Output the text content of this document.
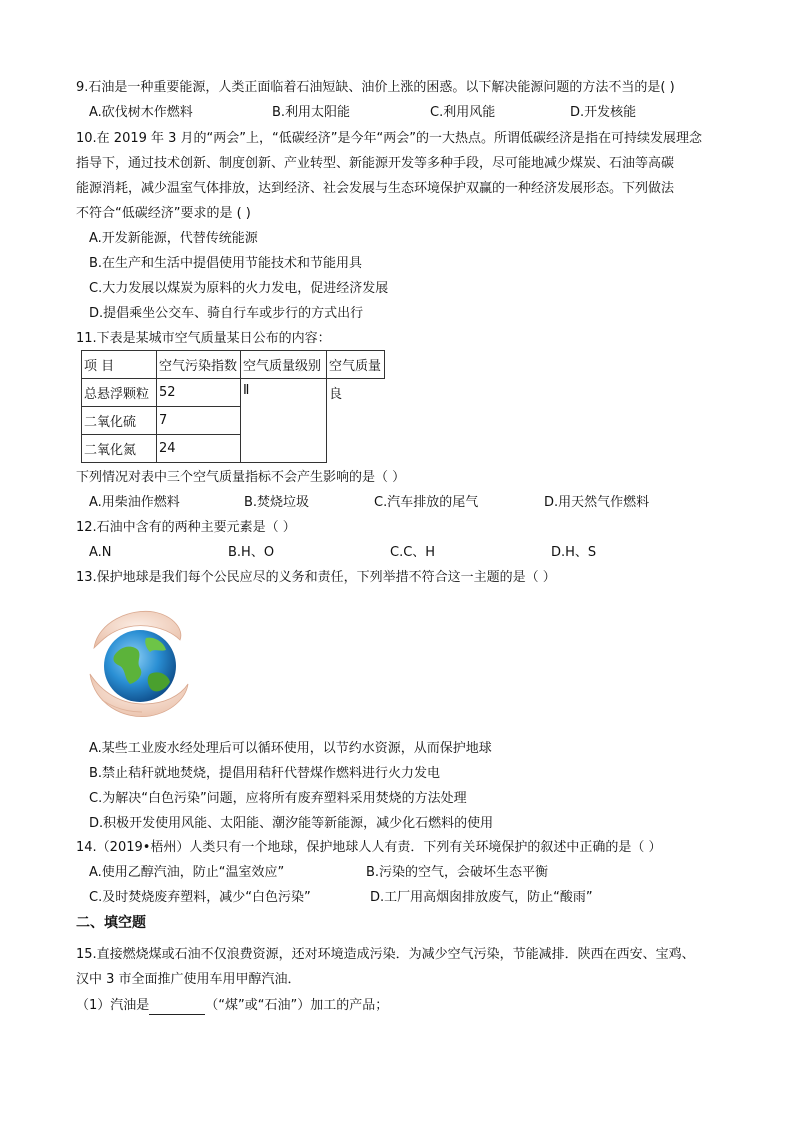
9.石油是一种重要能源，人类正面临着石油短缺、油价上涨的困惑。以下解决能源问题的方法不当的是( )
A.砍伐树木作燃料	B.利用太阳能	C.利用风能	D.开发核能
10.在 2019 年 3 月的“两会”上，“低碳经济”是今年“两会”的一大热点。所谓低碳经济是指在可持续发展理念
指导下，通过技术创新、制度创新、产业转型、新能源开发等多种手段，尽可能地减少煤炭、石油等高碳
能源消耗，减少温室气体排放，达到经济、社会发展与生态环境保护双赢的一种经济发展形态。下列做法
不符合“低碳经济”要求的是 ( )
A.开发新能源，代替传统能源
B.在生产和生活中提倡使用节能技术和节能用具
C.大力发展以煤炭为原料的火力发电，促进经济发展
D.提倡乘坐公交车、骑自行车或步行的方式出行
11.下表是某城市空气质量某日公布的内容：
项 目	空气污染指数	空气质量级别	空气质量
总悬浮颗粒	52	Ⅱ	良
二氧化硫	7		
二氧化氮	24		
下列情况对表中三个空气质量指标不会产生影响的是（ ）
A.用柴油作燃料	B.焚烧垃圾	C.汽车排放的尾气	D.用天然气作燃料
12.石油中含有的两种主要元素是（ ）
A.N	B.H、O	C.C、H	D.H、S
13.保护地球是我们每个公民应尽的义务和责任，下列举措不符合这一主题的是（ ）
A.某些工业废水经处理后可以循环使用，以节约水资源，从而保护地球
B.禁止秸秆就地焚烧，提倡用秸秆代替煤作燃料进行火力发电
C.为解决“白色污染”问题，应将所有废弃塑料采用焚烧的方法处理
D.积极开发使用风能、太阳能、潮汐能等新能源，减少化石燃料的使用
14.（2019•梧州）人类只有一个地球，保护地球人人有责．下列有关环境保护的叙述中正确的是（ ）
A.使用乙醇汽油，防止“温室效应”	B.污染的空气，会破坏生态平衡
C.及时焚烧废弃塑料，减少“白色污染”	D.工厂用高烟囱排放废气，防止“酸雨”
二、填空题
15.直接燃烧煤或石油不仅浪费资源，还对环境造成污染．为减少空气污染，节能减排．陕西在西安、宝鸡、
汉中 3 市全面推广使用车用甲醇汽油．
（1）汽油是	（“煤”或“石油”）加工的产品；
